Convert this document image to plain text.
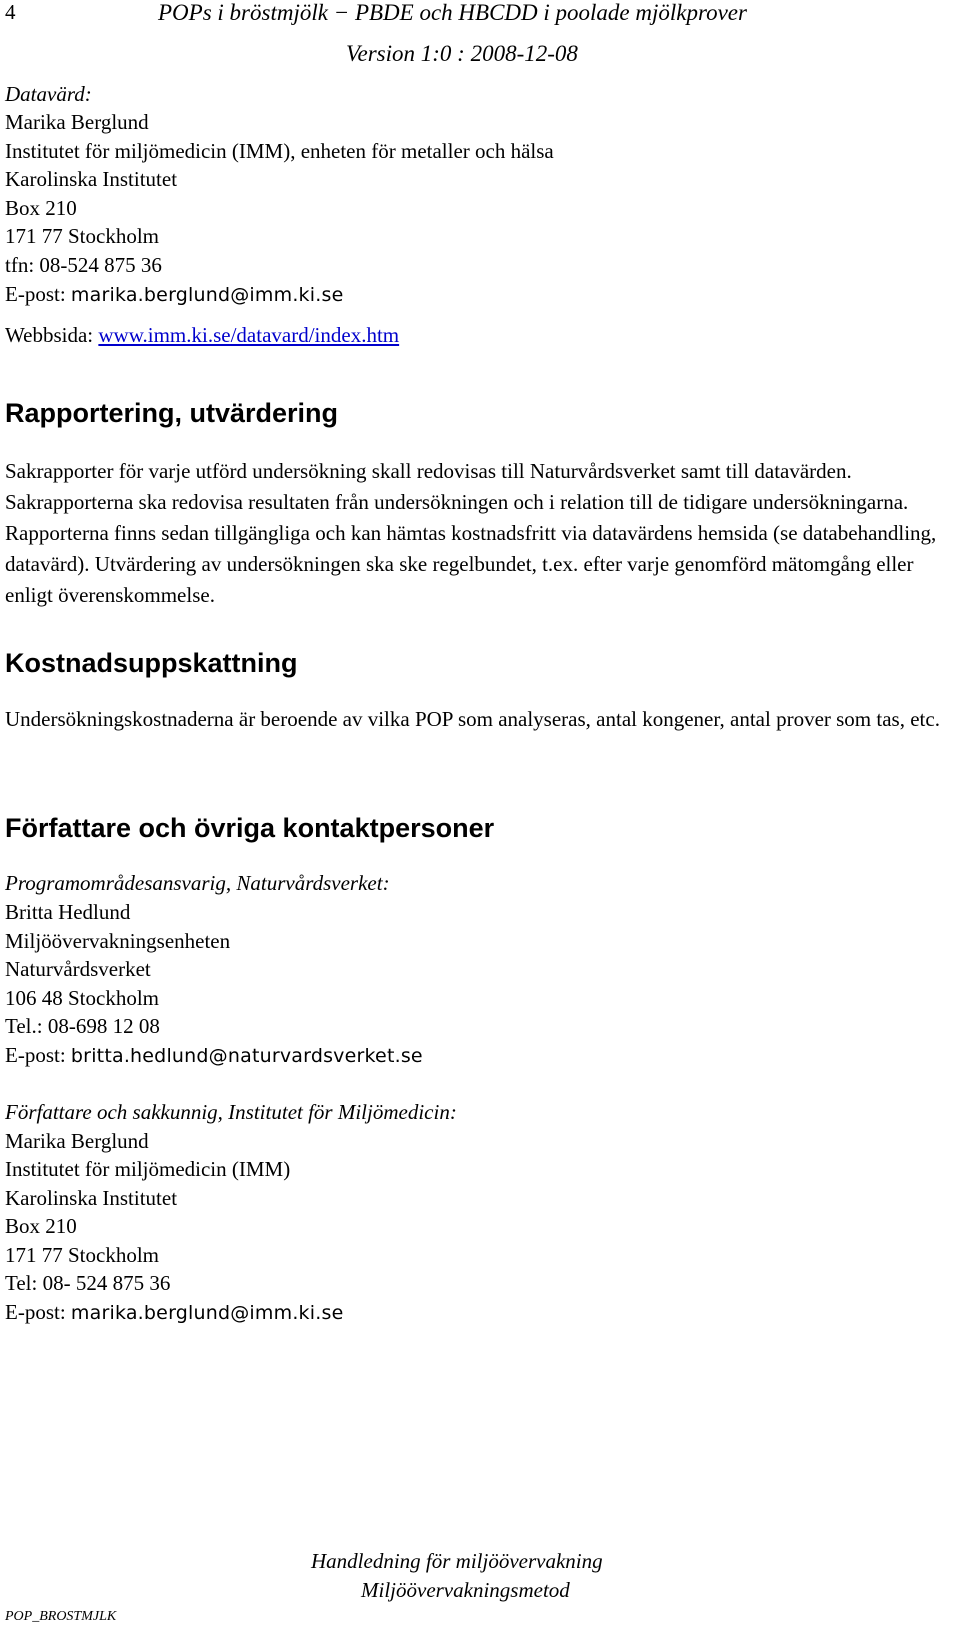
4	POPs i bröstmjölk − PBDE och HBCDD i poolade mjölkprover
Version 1:0 : 2008-12-08
Datavärd:
Marika Berglund
Institutet för miljömedicin (IMM), enheten för metaller och hälsa
Karolinska Institutet
Box 210
171 77 Stockholm
tfn: 08-524 875 36
E-post: marika.berglund@imm.ki.se
Webbsida: www.imm.ki.se/datavard/index.htm
Rapportering, utvärdering
Sakrapporter för varje utförd undersökning skall redovisas till Naturvårdsverket samt till datavärden. Sakrapporterna ska redovisa resultaten från undersökningen och i relation till de tidigare undersökningarna. Rapporterna finns sedan tillgängliga och kan hämtas kostnadsfritt via datavärdens hemsida (se databehandling, datavärd). Utvärdering av undersökningen ska ske regelbundet, t.ex. efter varje genomförd mätomgång eller enligt överenskommelse.
Kostnadsuppskattning
Undersökningskostnaderna är beroende av vilka POP som analyseras, antal kongener, antal prover som tas, etc.
Författare och övriga kontaktpersoner
Programområdesansvarig, Naturvårdsverket:
Britta Hedlund
Miljöövervakningsenheten
Naturvårdsverket
106 48 Stockholm
Tel.: 08-698 12 08
E-post: britta.hedlund@naturvardsverket.se
Författare och sakkunnig, Institutet för Miljömedicin:
Marika Berglund
Institutet för miljömedicin (IMM)
Karolinska Institutet
Box 210
171 77 Stockholm
Tel: 08- 524 875 36
E-post: marika.berglund@imm.ki.se
Handledning för miljöövervakning
Miljöövervakningsmetod
POP_BROSTMJLK
